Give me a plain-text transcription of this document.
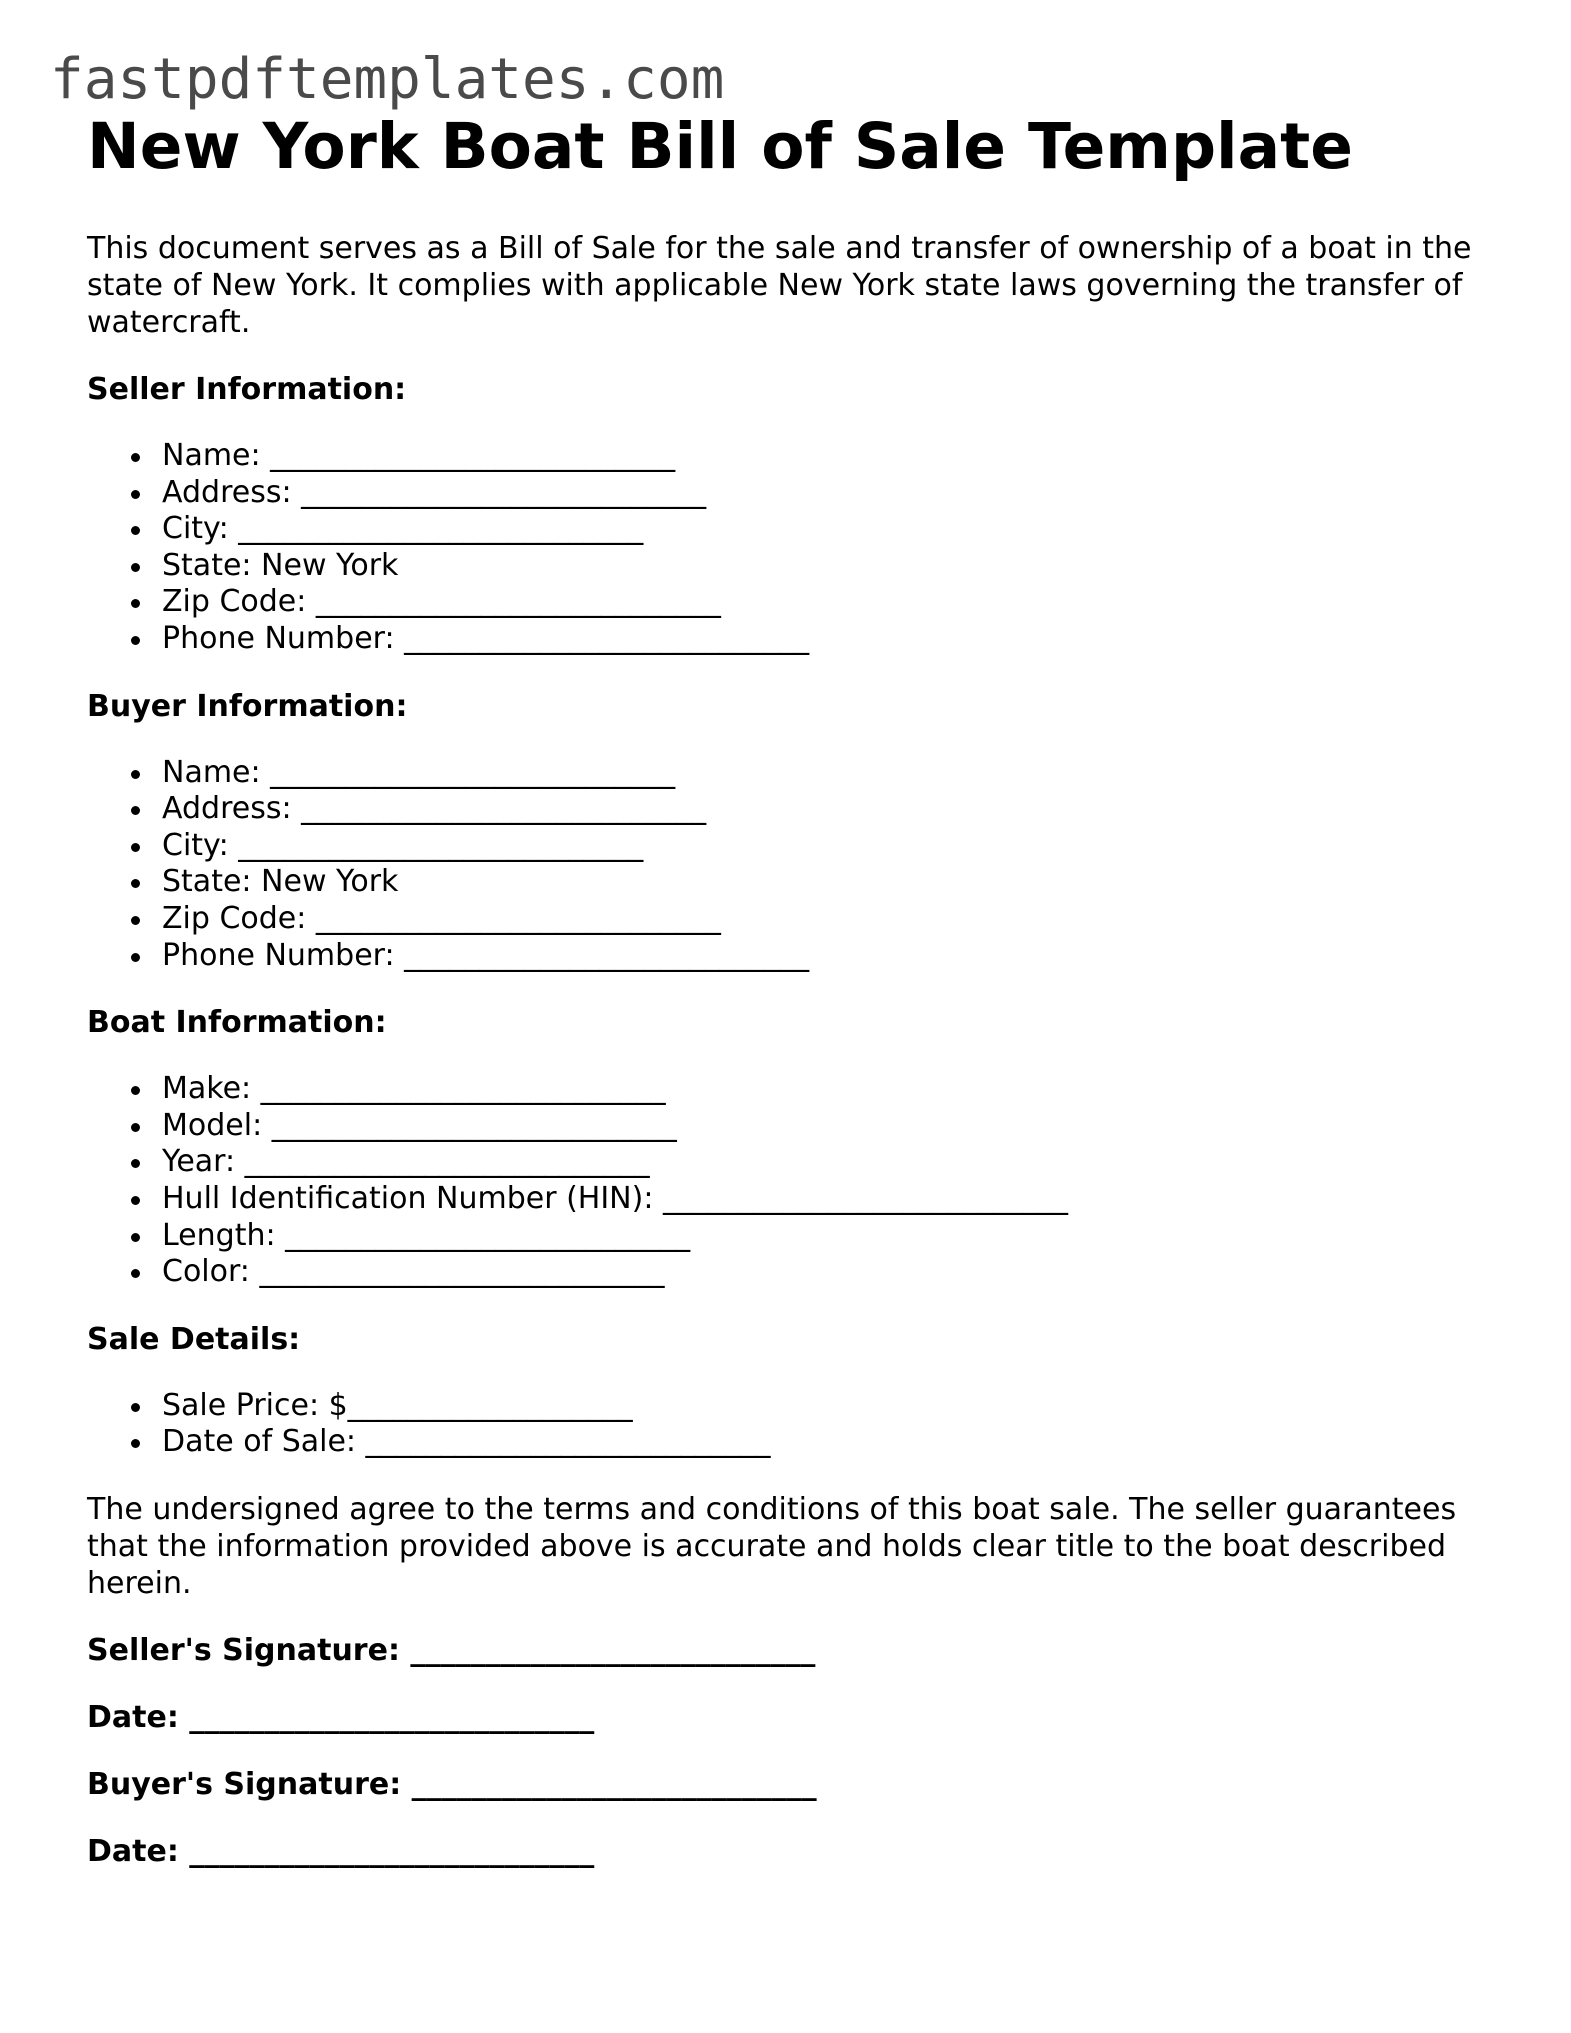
fastpdftemplates.com
New York Boat Bill of Sale Template

This document serves as a Bill of Sale for the sale and transfer of ownership of a boat in the state of New York. It complies with applicable New York state laws governing the transfer of watercraft.

Seller Information:
Name: ___________________________
Address: ___________________________
City: ___________________________
State: New York
Zip Code: ___________________________
Phone Number: ___________________________
Buyer Information:
Name: ___________________________
Address: ___________________________
City: ___________________________
State: New York
Zip Code: ___________________________
Phone Number: ___________________________
Boat Information:
Make: ___________________________
Model: ___________________________
Year: ___________________________
Hull Identification Number (HIN): ___________________________
Length: ___________________________
Color: ___________________________
Sale Details:
Sale Price: $___________________
Date of Sale: ___________________________

The undersigned agree to the terms and conditions of this boat sale. The seller guarantees that the information provided above is accurate and holds clear title to the boat described herein.

Seller's Signature: ___________________________
Date: ___________________________
Buyer's Signature: ___________________________
Date: ___________________________
